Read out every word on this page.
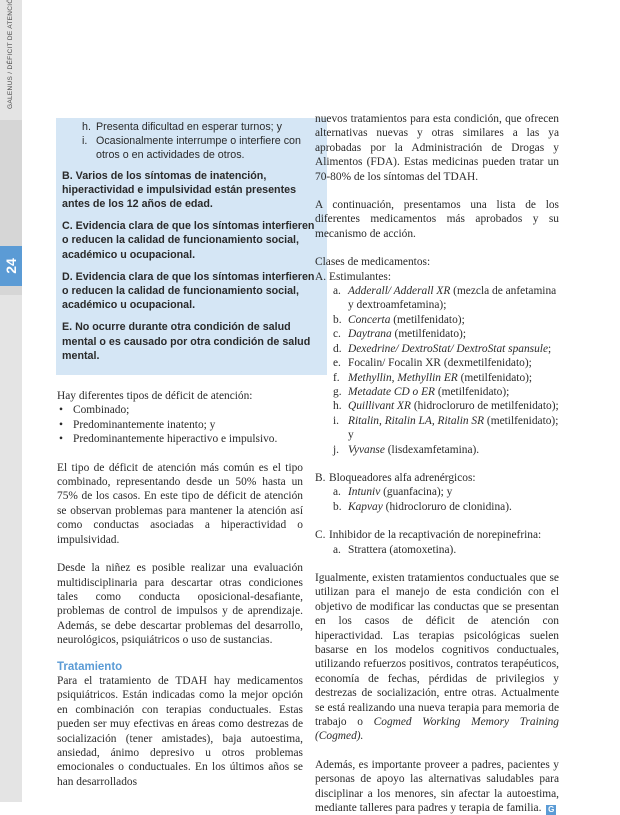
24
h. Presenta dificultad en esperar turnos; y
i. Ocasionalmente interrumpe o interfiere con otros o en actividades de otros.
B. Varios de los síntomas de inatención, hiperactividad e impulsividad están presentes antes de los 12 años de edad.
C. Evidencia clara de que los síntomas interfieren o reducen la calidad de funcionamiento social, académico u ocupacional.
D. Evidencia clara de que los síntomas interfieren o reducen la calidad de funcionamiento social, académico u ocupacional.
E. No ocurre durante otra condición de salud mental o es causado por otra condición de salud mental.

Hay diferentes tipos de déficit de atención:

• Combinado;
• Predominantemente inatento; y
• Predominantemente hiperactivo e impulsivo.

El tipo de déficit de atención más común es el tipo combinado, representando desde un 50% hasta un 75% de los casos. En este tipo de déficit de atención se observan problemas para mantener la atención así como conductas asociadas a hiperactividad o impulsividad.

Desde la niñez es posible realizar una evaluación multidisciplinaria para descartar otras condiciones tales como conducta oposicional-desafiante, problemas de control de impulsos y de aprendizaje. Además, se debe descartar problemas del desarrollo, neurológicos, psiquiátricos o uso de sustancias.

Tratamiento

Para el tratamiento de TDAH hay medicamentos psiquiátricos. Están indicadas como la mejor opción en combinación con terapias conductuales. Estas pueden ser muy efectivas en áreas como destrezas de socialización (tener amistades), baja autoestima, ansiedad, ánimo depresivo u otros problemas emocionales o conductuales. En los últimos años se han desarrollados

nuevos tratamientos para esta condición, que ofrecen alternativas nuevas y otras similares a las ya aprobadas por la Administración de Drogas y Alimentos (FDA). Estas medicinas pueden tratar un 70-80% de los síntomas del TDAH.

A continuación, presentamos una lista de los diferentes medicamentos más aprobados y su mecanismo de acción.

Clases de medicamentos:

A. Estimulantes:
a. Adderall/ Adderall XR (mezcla de anfetamina y dextroamfetamina);
b. Concerta (metilfenidato);
c. Daytrana (metilfenidato);
d. Dexedrine/ DextroStat/ DextroStat spansule;
e. Focalin/ Focalin XR (dexmetilfenidato);
f. Methyllin, Methyllin ER (metilfenidato);
g. Metadate CD o ER (metilfenidato);
h. Quillivant XR (hidrocloruro de metilfenidato);
i. Ritalin, Ritalin LA, Ritalin SR (metilfenidato); y
j. Vyvanse (lisdexamfetamina).
B. Bloqueadores alfa adrenérgicos:
a. Intuniv (guanfacina); y
b. Kapvay (hidrocloruro de clonidina).
C. Inhibidor de la recaptivación de norepinefrina:
a. Strattera (atomoxetina).

Igualmente, existen tratamientos conductuales que se utilizan para el manejo de esta condición con el objetivo de modificar las conductas que se presentan en los casos de déficit de atención con hiperactividad. Las terapias psicológicas suelen basarse en los modelos cognitivos conductuales, utilizando refuerzos positivos, contratos terapéuticos, economía de fechas, pérdidas de privilegios y destrezas de socialización, entre otras. Actualmente se está realizando una nueva terapia para memoria de trabajo o Cogmed Working Memory Training (Cogmed).

Además, es importante proveer a padres, pacientes y personas de apoyo las alternativas saludables para disciplinar a los menores, sin afectar la autoestima, mediante talleres para padres y terapia de familia. G
